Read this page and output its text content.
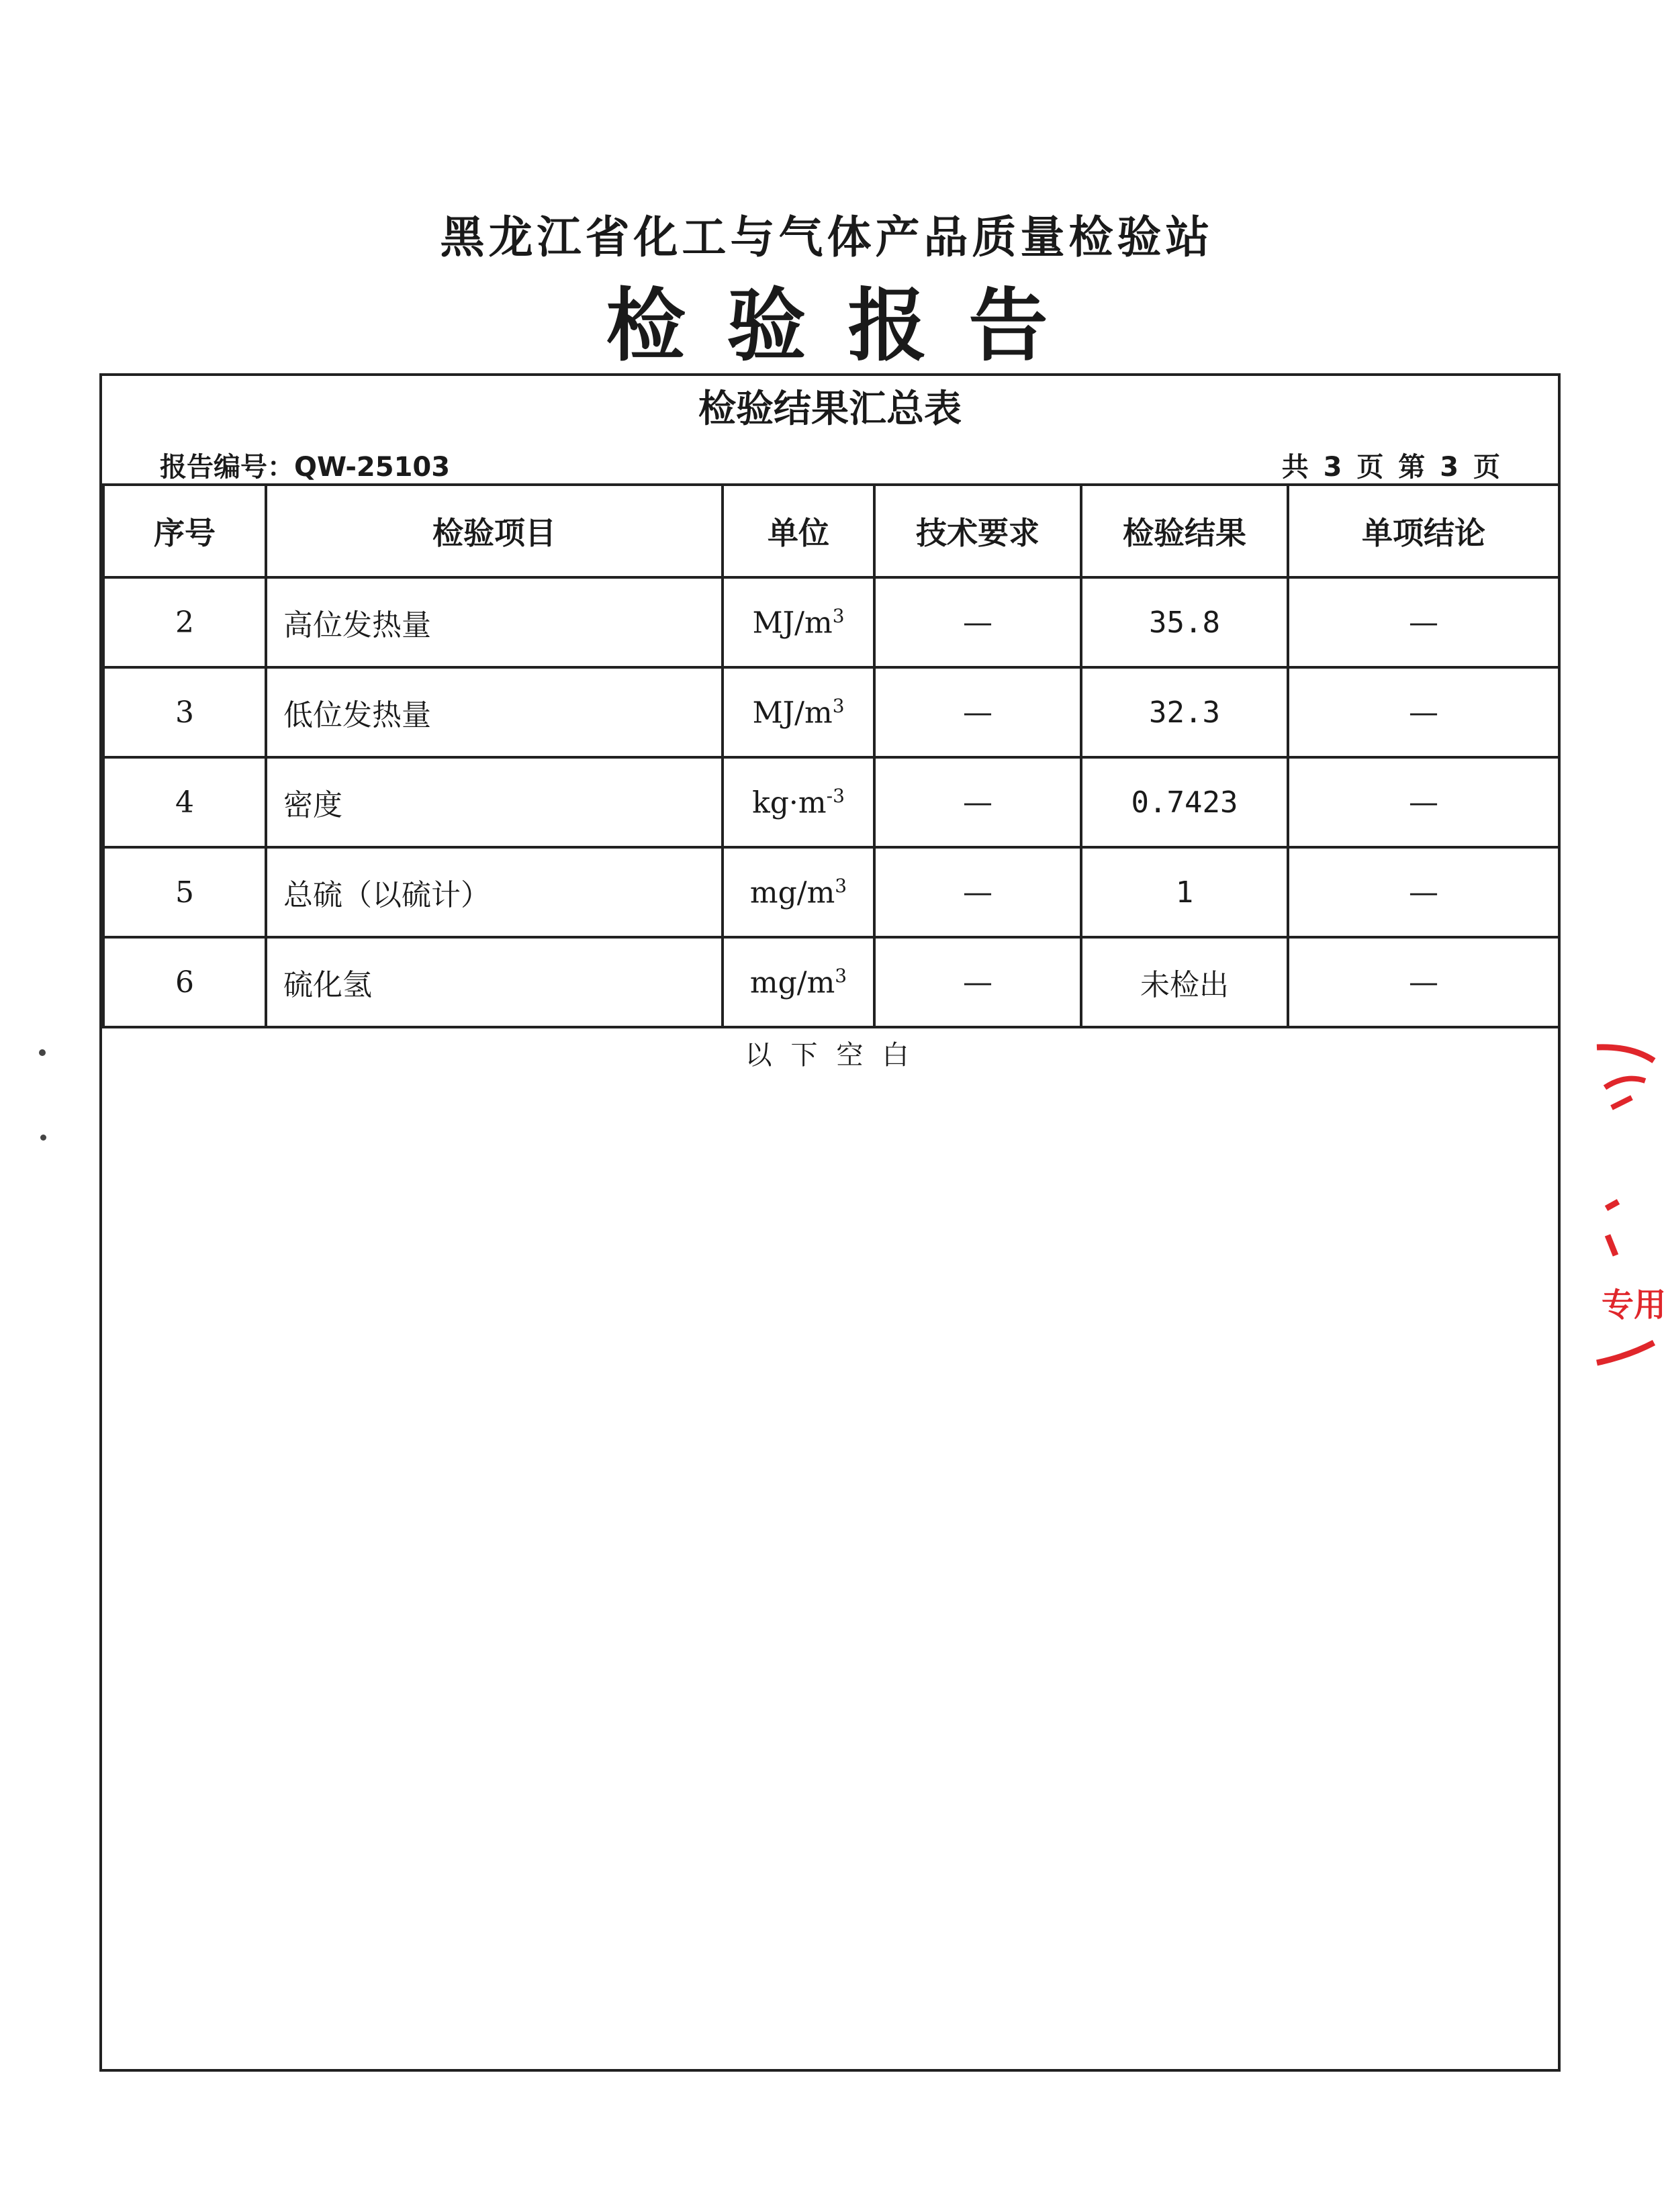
黑龙江省化工与气体产品质量检验站
检验报告
检验结果汇总表
报告编号：QW-25103	共 3 页 第 3 页
序号	检验项目	单位	技术要求	检验结果	单项结论
2	高位发热量	$MJ/m^3$	—	35.8	—
3	低位发热量	$MJ/m^3$	—	32.3	—
4	密度	$kg\cdot m^{-3}$	—	0.7423	—
5	总硫（以硫计）	$mg/m^3$	—	1	—
6	硫化氢	$mg/m^3$	—	未检出	—
以下空白
专用
